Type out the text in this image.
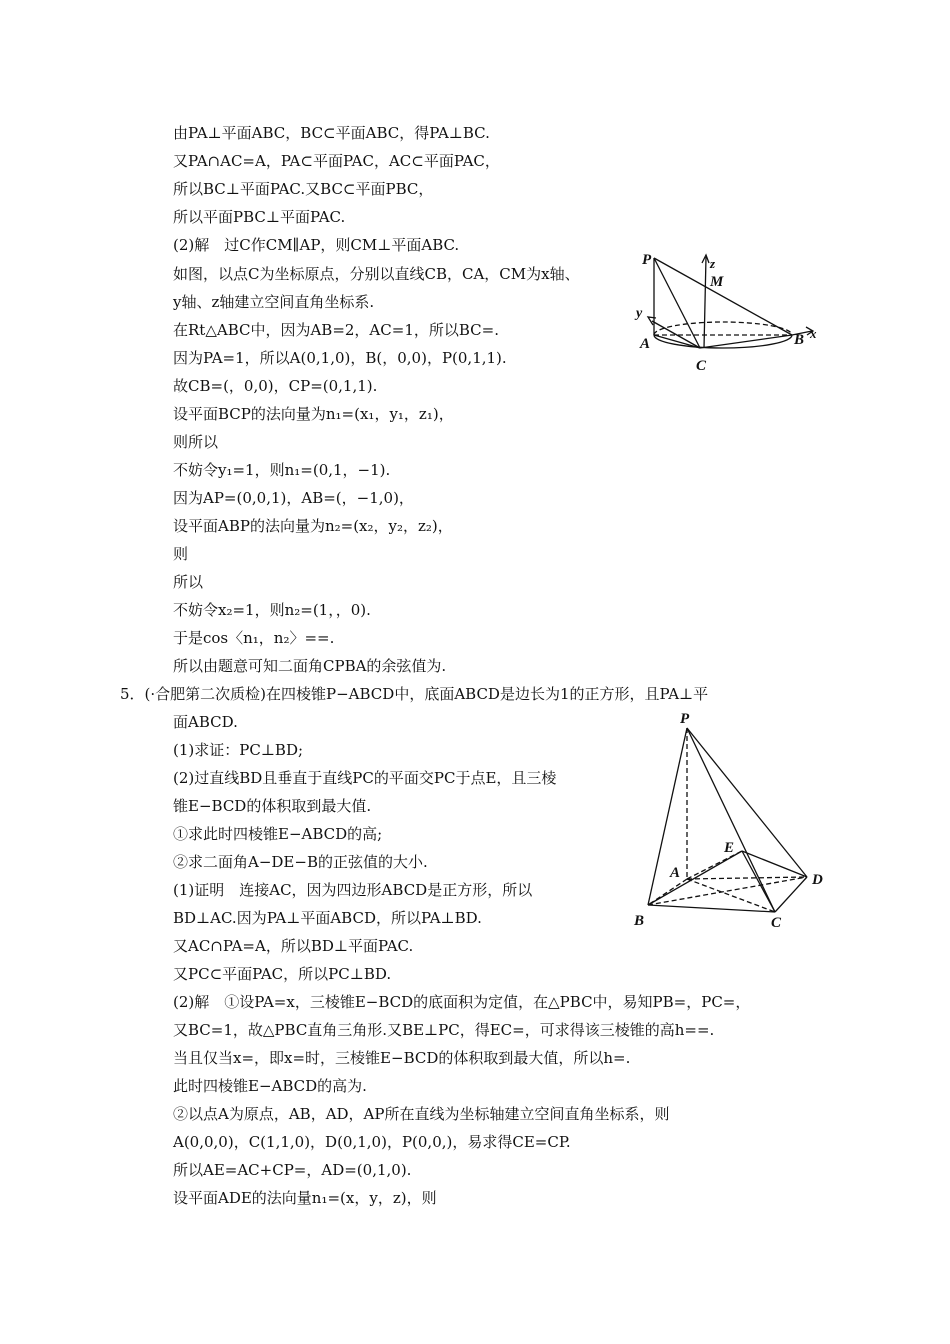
由PA⊥平面ABC，BC⊂平面ABC，得PA⊥BC.
又PA∩AC=A，PA⊂平面PAC，AC⊂平面PAC，
所以BC⊥平面PAC.又BC⊂平面PBC，
所以平面PBC⊥平面PAC.
(2)解　过C作CM∥AP，则CM⊥平面ABC.
如图，以点C为坐标原点，分别以直线CB，CA，CM为x轴、
y轴、z轴建立空间直角坐标系.
在Rt△ABC中，因为AB=2，AC=1，所以BC=.
因为PA=1，所以A(0,1,0)，B(，0,0)，P(0,1,1).
故CB=(，0,0)，CP=(0,1,1).
设平面BCP的法向量为n₁=(x₁，y₁，z₁)，
则所以
不妨令y₁=1，则n₁=(0,1，−1).
因为AP=(0,0,1)，AB=(，−1,0)，
设平面ABP的法向量为n₂=(x₂，y₂，z₂)，
则
所以
不妨令x₂=1，则n₂=(1，，0).
于是cos〈n₁，n₂〉==.
所以由题意可知二面角CPBA的余弦值为.
5．(·合肥第二次质检)在四棱锥P−ABCD中，底面ABCD是边长为1的正方形，且PA⊥平
面ABCD.
(1)求证：PC⊥BD;
(2)过直线BD且垂直于直线PC的平面交PC于点E，且三棱
锥E−BCD的体积取到最大值.
①求此时四棱锥E−ABCD的高;
②求二面角A−DE−B的正弦值的大小.
(1)证明　连接AC，因为四边形ABCD是正方形，所以
BD⊥AC.因为PA⊥平面ABCD，所以PA⊥BD.
又AC∩PA=A，所以BD⊥平面PAC.
又PC⊂平面PAC，所以PC⊥BD.
(2)解　①设PA=x，三棱锥E−BCD的底面积为定值，在△PBC中，易知PB=，PC=，
又BC=1，故△PBC直角三角形.又BE⊥PC，得EC=，可求得该三棱锥的高h==.
当且仅当x=，即x=时，三棱锥E−BCD的体积取到最大值，所以h=.
此时四棱锥E−ABCD的高为.
②以点A为原点，AB，AD，AP所在直线为坐标轴建立空间直角坐标系，则
A(0,0,0)，C(1,1,0)，D(0,1,0)，P(0,0,)，易求得CE=CP.
所以AE=AC+CP=，AD=(0,1,0).
设平面ADE的法向量n₁=(x，y，z)，则
P
M
z
y
A
C
B x
P
E
A	D
B	C
